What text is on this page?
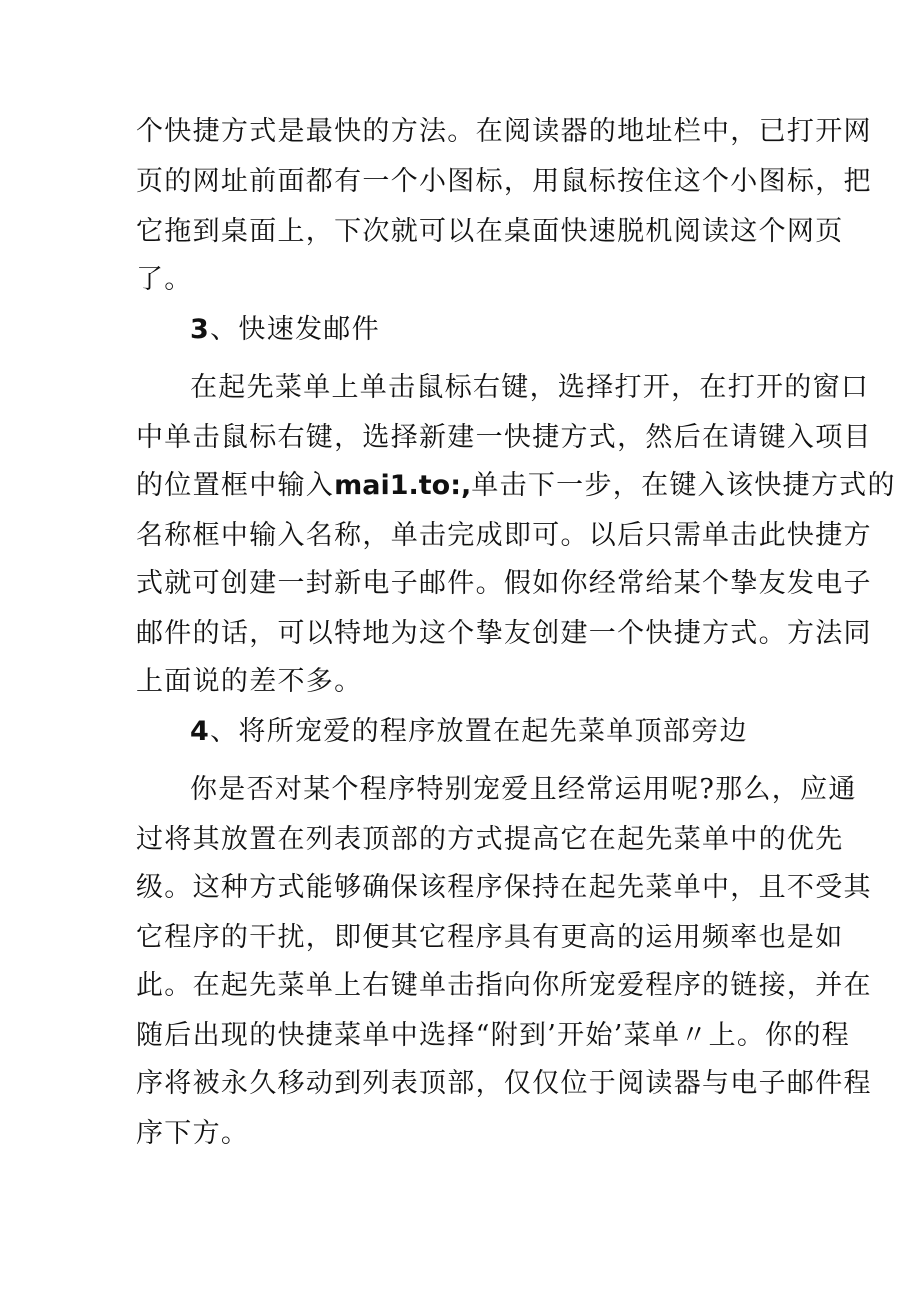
个快捷方式是最快的方法。在阅读器的地址栏中，已打开网
页的网址前面都有一个小图标，用鼠标按住这个小图标，把
它拖到桌面上，下次就可以在桌面快速脱机阅读这个网页
了。
3、快速发邮件
在起先菜单上单击鼠标右键，选择打开，在打开的窗口
中单击鼠标右键，选择新建一快捷方式，然后在请键入项目
的位置框中输入mai1.to:,单击下一步，在键入该快捷方式的
名称框中输入名称，单击完成即可。以后只需单击此快捷方
式就可创建一封新电子邮件。假如你经常给某个挚友发电子
邮件的话，可以特地为这个挚友创建一个快捷方式。方法同
上面说的差不多。
4、将所宠爱的程序放置在起先菜单顶部旁边
你是否对某个程序特别宠爱且经常运用呢?那么，应通
过将其放置在列表顶部的方式提高它在起先菜单中的优先
级。这种方式能够确保该程序保持在起先菜单中，且不受其
它程序的干扰，即便其它程序具有更高的运用频率也是如
此。在起先菜单上右键单击指向你所宠爱程序的链接，并在
随后出现的快捷菜单中选择“附到’开始’菜单〃上。你的程
序将被永久移动到列表顶部，仅仅位于阅读器与电子邮件程
序下方。
